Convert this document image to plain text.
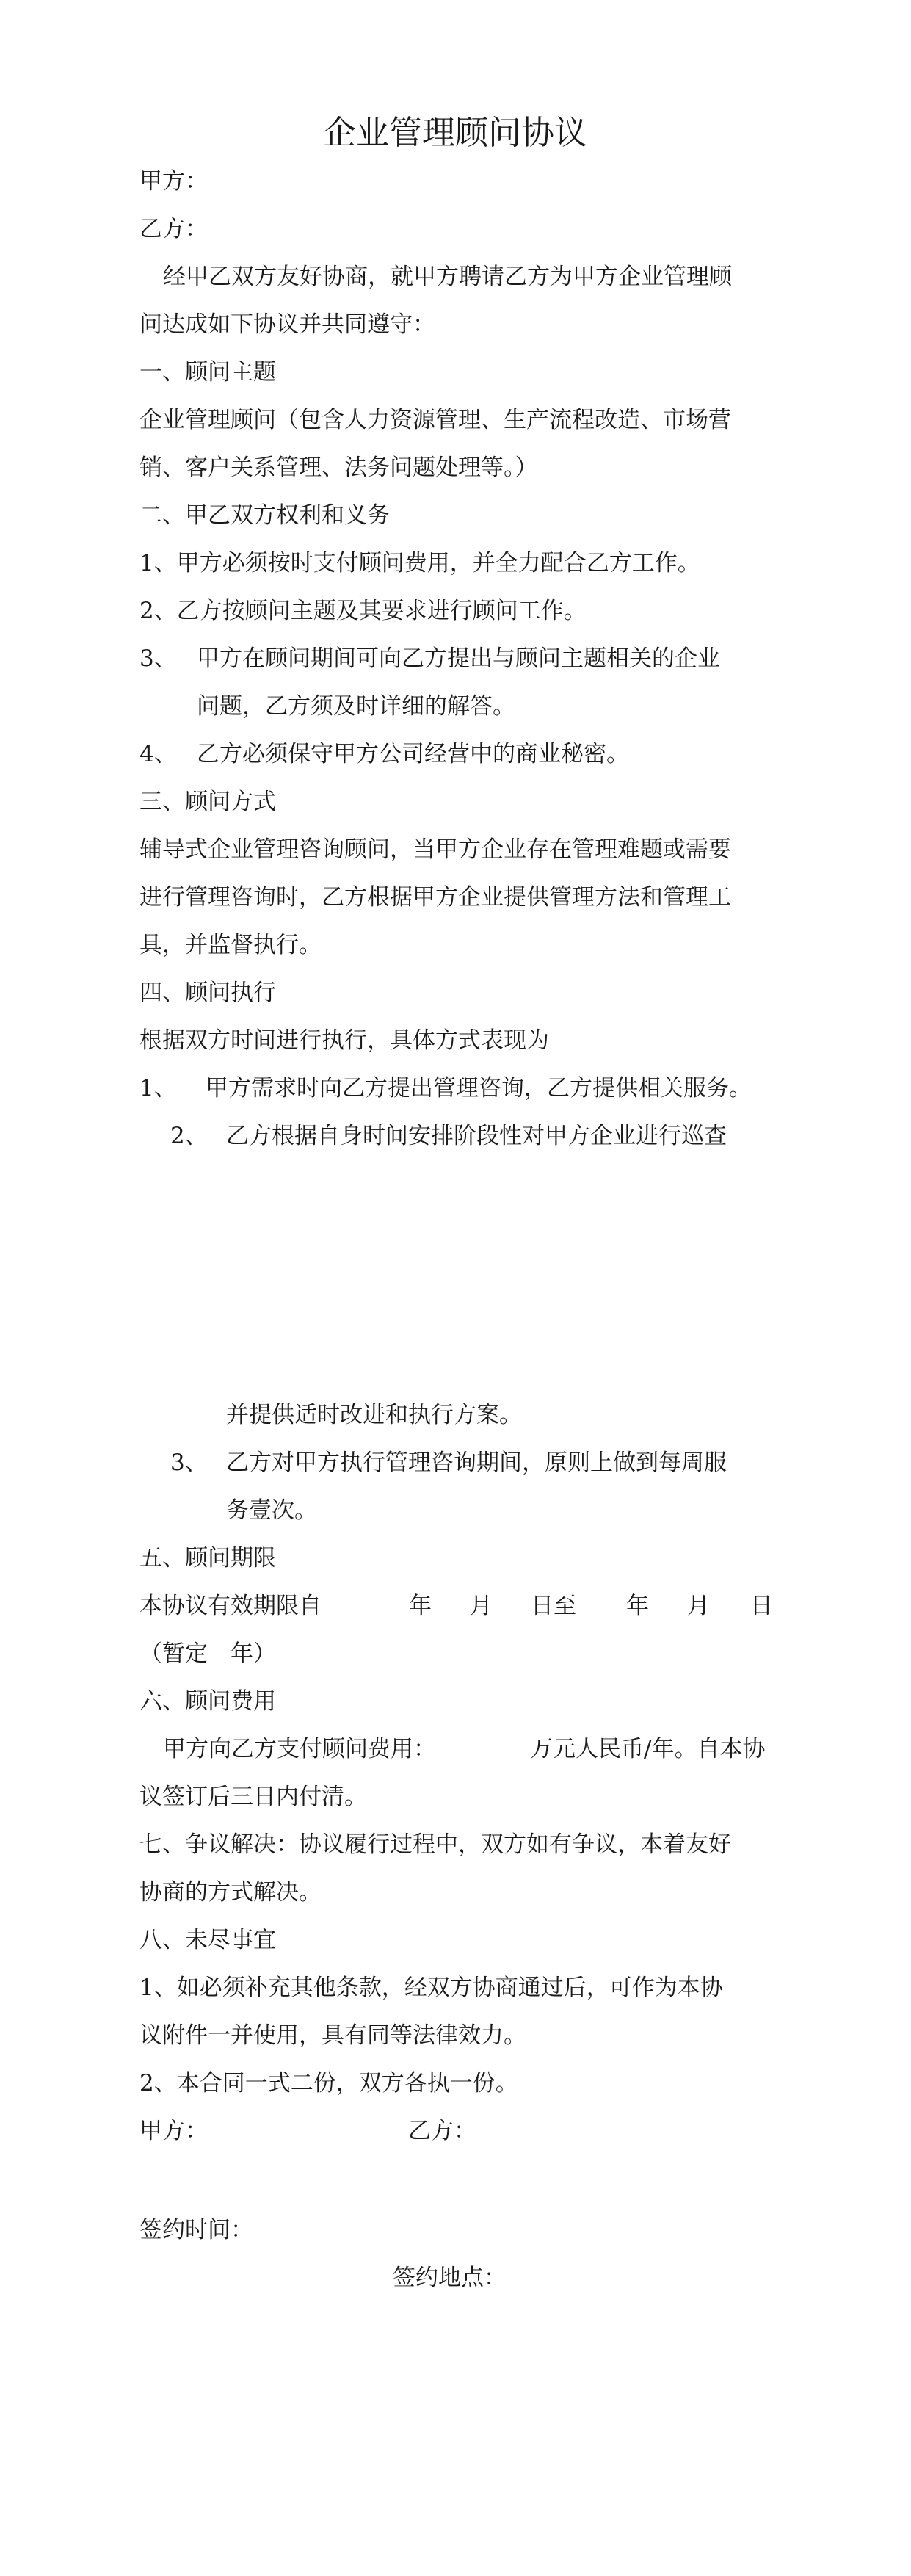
企业管理顾问协议
甲方：
乙方：
经甲乙双方友好协商，就甲方聘请乙方为甲方企业管理顾
问达成如下协议并共同遵守：
一、顾问主题
企业管理顾问（包含人力资源管理、生产流程改造、市场营
销、客户关系管理、法务问题处理等。）
二、甲乙双方权利和义务
1、甲方必须按时支付顾问费用，并全力配合乙方工作。
2、乙方按顾问主题及其要求进行顾问工作。
3、 甲方在顾问期间可向乙方提出与顾问主题相关的企业
问题，乙方须及时详细的解答。
4、 乙方必须保守甲方公司经营中的商业秘密。
三、顾问方式
辅导式企业管理咨询顾问，当甲方企业存在管理难题或需要
进行管理咨询时，乙方根据甲方企业提供管理方法和管理工
具，并监督执行。
四、顾问执行
根据双方时间进行执行，具体方式表现为
1、 甲方需求时向乙方提出管理咨询，乙方提供相关服务。
2、 乙方根据自身时间安排阶段性对甲方企业进行巡查
并提供适时改进和执行方案。
3、 乙方对甲方执行管理咨询期间，原则上做到每周服
务壹次。
五、顾问期限
本协议有效期限自	年 月 日至 年 月 日
（暂定　年）
六、顾问费用
甲方向乙方支付顾问费用：	万元人民币/年。自本协
议签订后三日内付清。
七、争议解决：协议履行过程中，双方如有争议，本着友好
协商的方式解决。
八、未尽事宜
1、如必须补充其他条款，经双方协商通过后，可作为本协
议附件一并使用，具有同等法律效力。
2、本合同一式二份，双方各执一份。
甲方：	乙方：
签约时间：
签约地点：
